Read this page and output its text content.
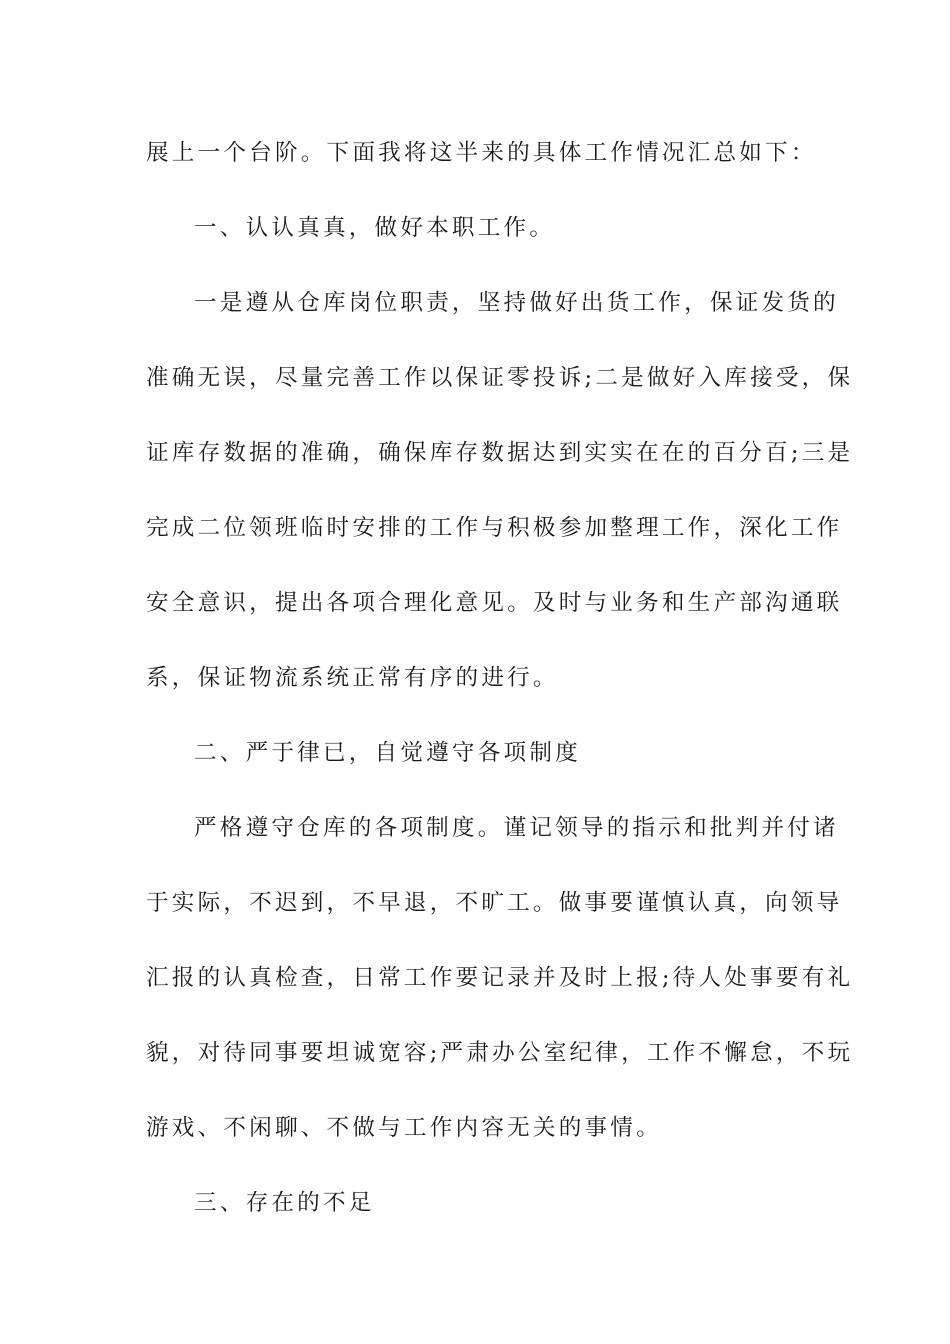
展上一个台阶。下面我将这半来的具体工作情况汇总如下：
一、认认真真，做好本职工作。
一是遵从仓库岗位职责，坚持做好出货工作，保证发货的
准确无误，尽量完善工作以保证零投诉;二是做好入库接受，保
证库存数据的准确，确保库存数据达到实实在在的百分百;三是
完成二位领班临时安排的工作与积极参加整理工作，深化工作
安全意识，提出各项合理化意见。及时与业务和生产部沟通联
系，保证物流系统正常有序的进行。
二、严于律已，自觉遵守各项制度
严格遵守仓库的各项制度。谨记领导的指示和批判并付诸
于实际，不迟到，不早退，不旷工。做事要谨慎认真，向领导
汇报的认真检查，日常工作要记录并及时上报;待人处事要有礼
貌，对待同事要坦诚宽容;严肃办公室纪律，工作不懈怠，不玩
游戏、不闲聊、不做与工作内容无关的事情。
三、存在的不足
